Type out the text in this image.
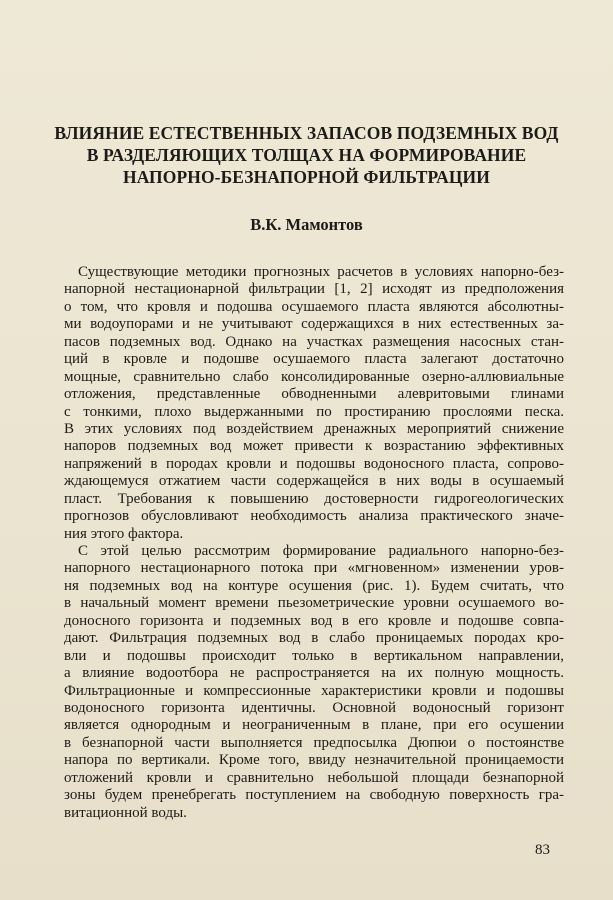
ВЛИЯНИЕ ЕСТЕСТВЕННЫХ ЗАПАСОВ ПОДЗЕМНЫХ ВОД
В РАЗДЕЛЯЮЩИХ ТОЛЩАХ НА ФОРМИРОВАНИЕ
НАПОРНО-БЕЗНАПОРНОЙ ФИЛЬТРАЦИИ
В.К. Мамонтов
Существующие методики прогнозных расчетов в условиях напорно-без-
напорной нестационарной фильтрации [1, 2] исходят из предположения
о том, что кровля и подошва осушаемого пласта являются абсолютны-
ми водоупорами и не учитывают содержащихся в них естественных за-
пасов подземных вод. Однако на участках размещения насосных стан-
ций в кровле и подошве осушаемого пласта залегают достаточно
мощные, сравнительно слабо консолидированные озерно-аллювиальные
отложения, представленные обводненными алевритовыми глинами
с тонкими, плохо выдержанными по простиранию прослоями песка.
В этих условиях под воздействием дренажных мероприятий снижение
напоров подземных вод может привести к возрастанию эффективных
напряжений в породах кровли и подошвы водоносного пласта, сопрово-
ждающемуся отжатием части содержащейся в них воды в осушаемый
пласт. Требования к повышению достоверности гидрогеологических
прогнозов обусловливают необходимость анализа практического значе-
ния этого фактора.
С этой целью рассмотрим формирование радиального напорно-без-
напорного нестационарного потока при «мгновенном» изменении уров-
ня подземных вод на контуре осушения (рис. 1). Будем считать, что
в начальный момент времени пьезометрические уровни осушаемого во-
доносного горизонта и подземных вод в его кровле и подошве совпа-
дают. Фильтрация подземных вод в слабо проницаемых породах кро-
вли и подошвы происходит только в вертикальном направлении,
а влияние водоотбора не распространяется на их полную мощность.
Фильтрационные и компрессионные характеристики кровли и подошвы
водоносного горизонта идентичны. Основной водоносный горизонт
является однородным и неограниченным в плане, при его осушении
в безнапорной части выполняется предпосылка Дюпюи о постоянстве
напора по вертикали. Кроме того, ввиду незначительной проницаемости
отложений кровли и сравнительно небольшой площади безнапорной
зоны будем пренебрегать поступлением на свободную поверхность гра-
витационной воды.
83
